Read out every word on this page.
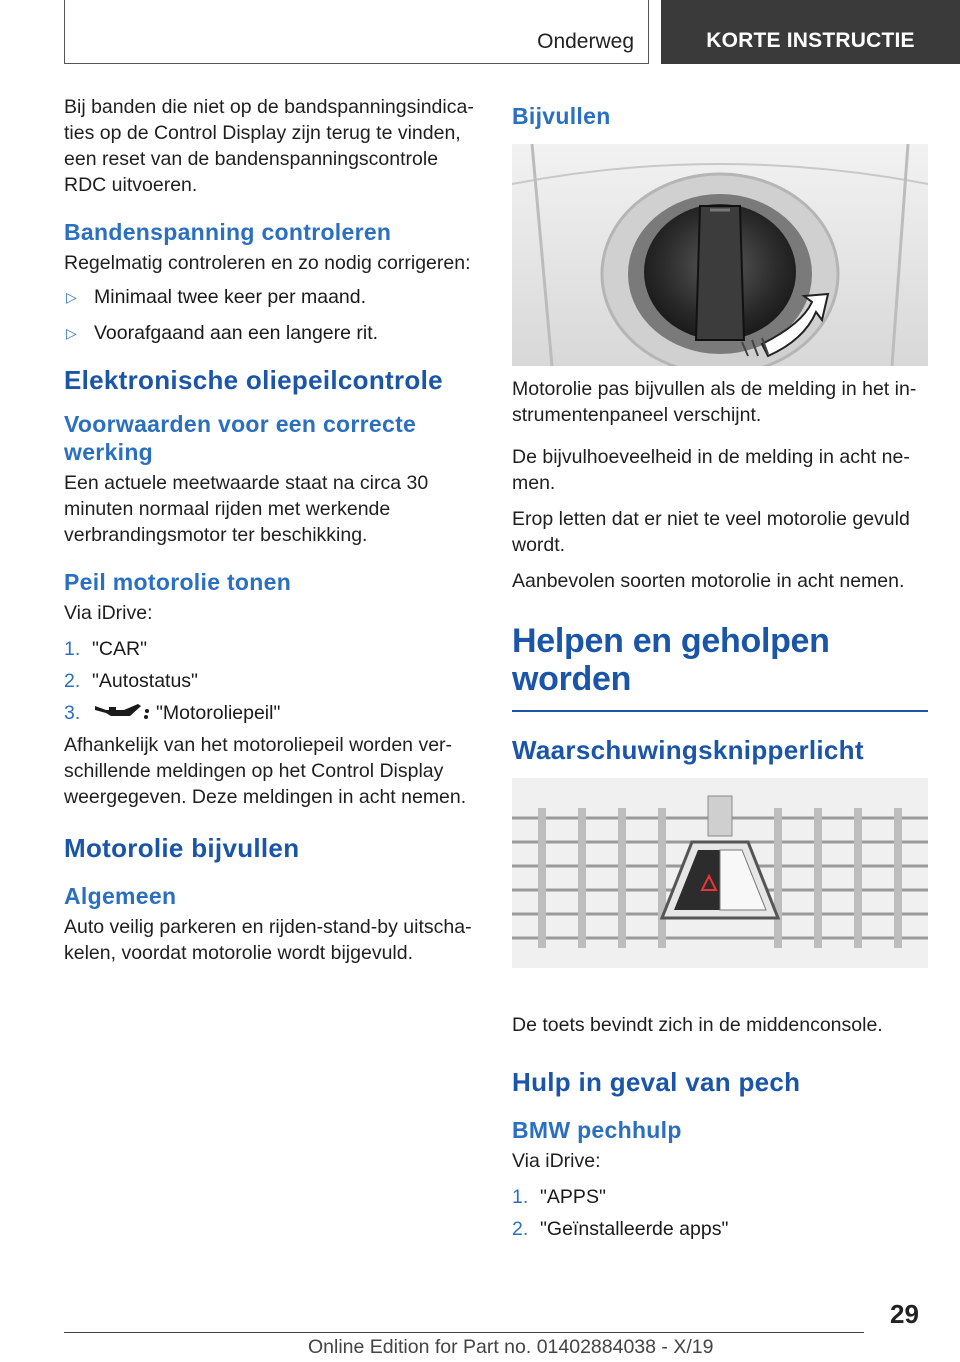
Onderweg	KORTE INSTRUCTIE

Bij banden die niet op de bandspanningsindicaties op de Control Display zijn terug te vinden, een reset van de bandenspanningscontrole RDC uitvoeren.

Bandenspanning controleren

Regelmatig controleren en zo nodig corrigeren:

▷ Minimaal twee keer per maand.
▷ Voorafgaand aan een langere rit.
Elektronische oliepeilcontrole
Voorwaarden voor een correcte werking

Een actuele meetwaarde staat na circa 30 minuten normaal rijden met werkende verbrandingsmotor ter beschikking.

Peil motorolie tonen

Via iDrive:

1. "CAR"
2. "Autostatus"
3.	"Motoroliepeil"

Afhankelijk van het motoroliepeil worden verschillende meldingen op het Control Display weergegeven. Deze meldingen in acht nemen.

Motorolie bijvullen
Algemeen

Auto veilig parkeren en rijden-stand-by uitschakelen, voordat motorolie wordt bijgevuld.

Bijvullen

Motorolie pas bijvullen als de melding in het instrumentenpaneel verschijnt.

De bijvulhoeveelheid in de melding in acht nemen.

Erop letten dat er niet te veel motorolie gevuld wordt.

Aanbevolen soorten motorolie in acht nemen.

Helpen en geholpen worden
Waarschuwingsknipperlicht

De toets bevindt zich in de middenconsole.

Hulp in geval van pech
BMW pechhulp

Via iDrive:

1. "APPS"
2. "Geïnstalleerde apps"
29
Online Edition for Part no. 01402884038 - X/19
